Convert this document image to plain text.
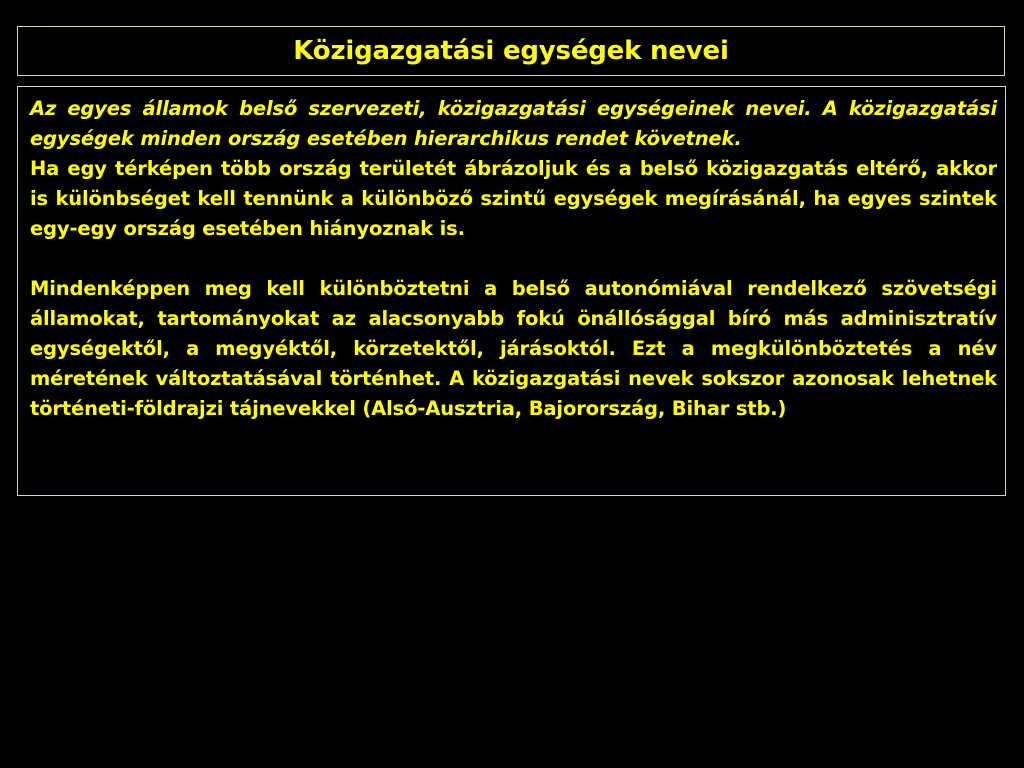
Közigazgatási egységek nevei

Az egyes államok belső szervezeti, közigazgatási egységeinek nevei. A közigazgatási egységek minden ország esetében hierarchikus rendet követnek.

Ha egy térképen több ország területét ábrázoljuk és a belső közigazgatás eltérő, akkor is különbséget kell tennünk a különböző szintű egységek megírásánál, ha egyes szintek egy-egy ország esetében hiányoznak is.

Mindenképpen meg kell különböztetni a belső autonómiával rendelkező szövetségi államokat, tartományokat az alacsonyabb fokú önállósággal bíró más adminisztratív egységektől, a megyéktől, körzetektől, járásoktól. Ezt a megkülönböztetés a név méretének változtatásával történhet. A közigazgatási nevek sokszor azonosak lehetnek történeti-földrajzi tájnevekkel (Alsó-Ausztria, Bajorország, Bihar stb.)
